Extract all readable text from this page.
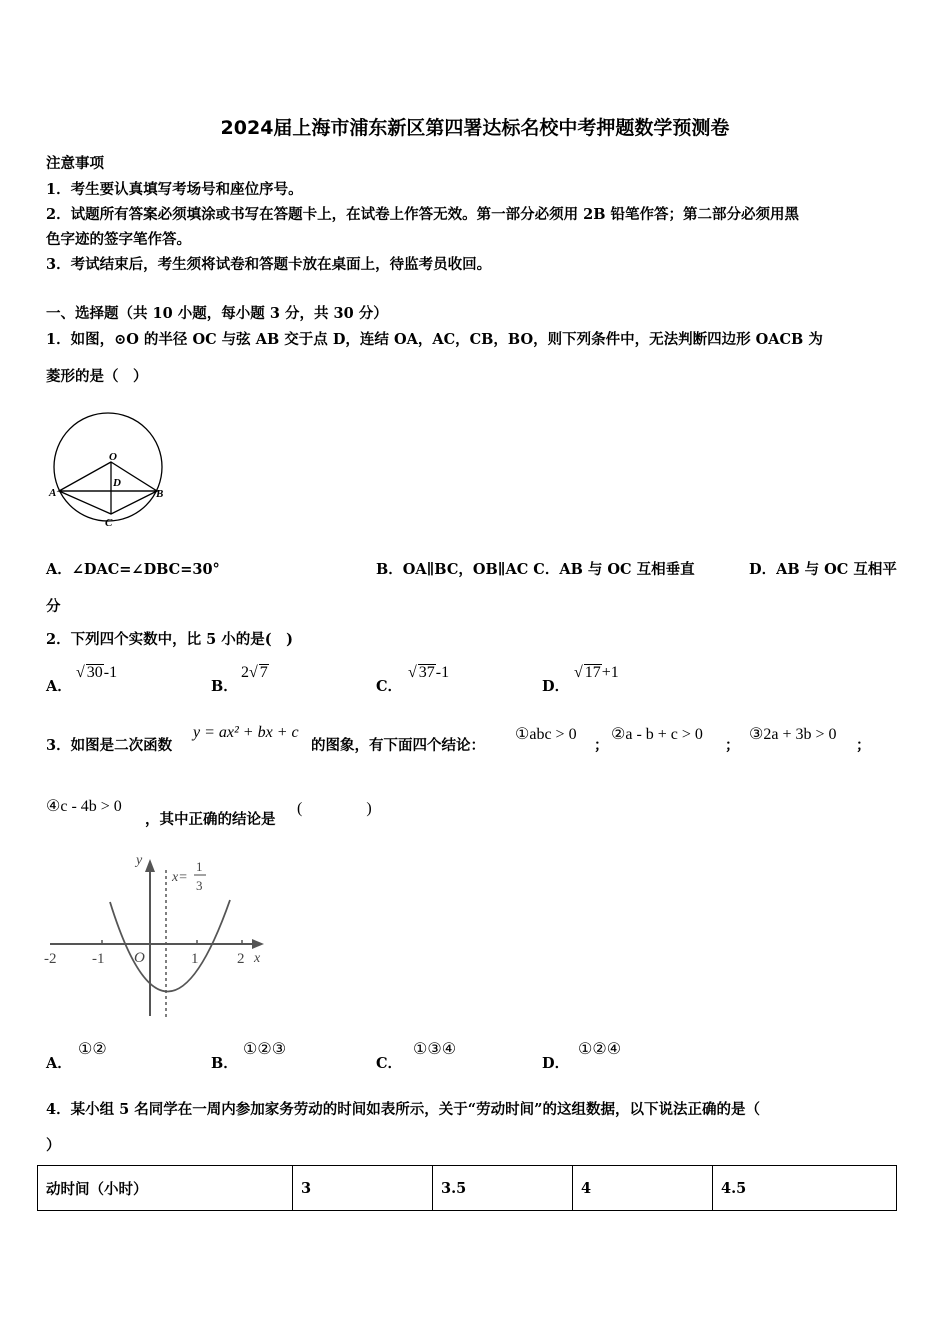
2024届上海市浦东新区第四署达标名校中考押题数学预测卷
注意事项
1．考生要认真填写考场号和座位序号。
2．试题所有答案必须填涂或书写在答题卡上，在试卷上作答无效。第一部分必须用 2B 铅笔作答；第二部分必须用黑
色字迹的签字笔作答。
3．考试结束后，考生须将试卷和答题卡放在桌面上，待监考员收回。
一、选择题（共 10 小题，每小题 3 分，共 30 分）
1．如图，⊙O 的半径 OC 与弦 AB 交于点 D，连结 OA，AC，CB，BO，则下列条件中，无法判断四边形 OACB 为
菱形的是（　）
O
D
A	B
C
A．∠DAC=∠DBC=30°	B．OA∥BC，OB∥AC C．AB 与 OC 互相垂直	D．AB 与 OC 互相平
分
2．下列四个实数中，比 5 小的是(　)
A．
√ 30-1
B．
2√ 7
C．
√ 37-1
D．
√ 17+1
3．如图是二次函数
y = ax² + bx + c
的图象，有下面四个结论：
①abc > 0
；
②a - b + c > 0
；
③2a + 3b > 0
；
④c - 4b > 0
，其中正确的结论是
(　　　　)
y
x
O
-2 -1	1	2
x=
1
3
A．
①②
B．
①②③
C．
①③④
D．
①②④
4．某小组 5 名同学在一周内参加家务劳动的时间如表所示，关于“劳动时间”的这组数据，以下说法正确的是（
）
动时间（小时）	3	3.5	4	4.5
